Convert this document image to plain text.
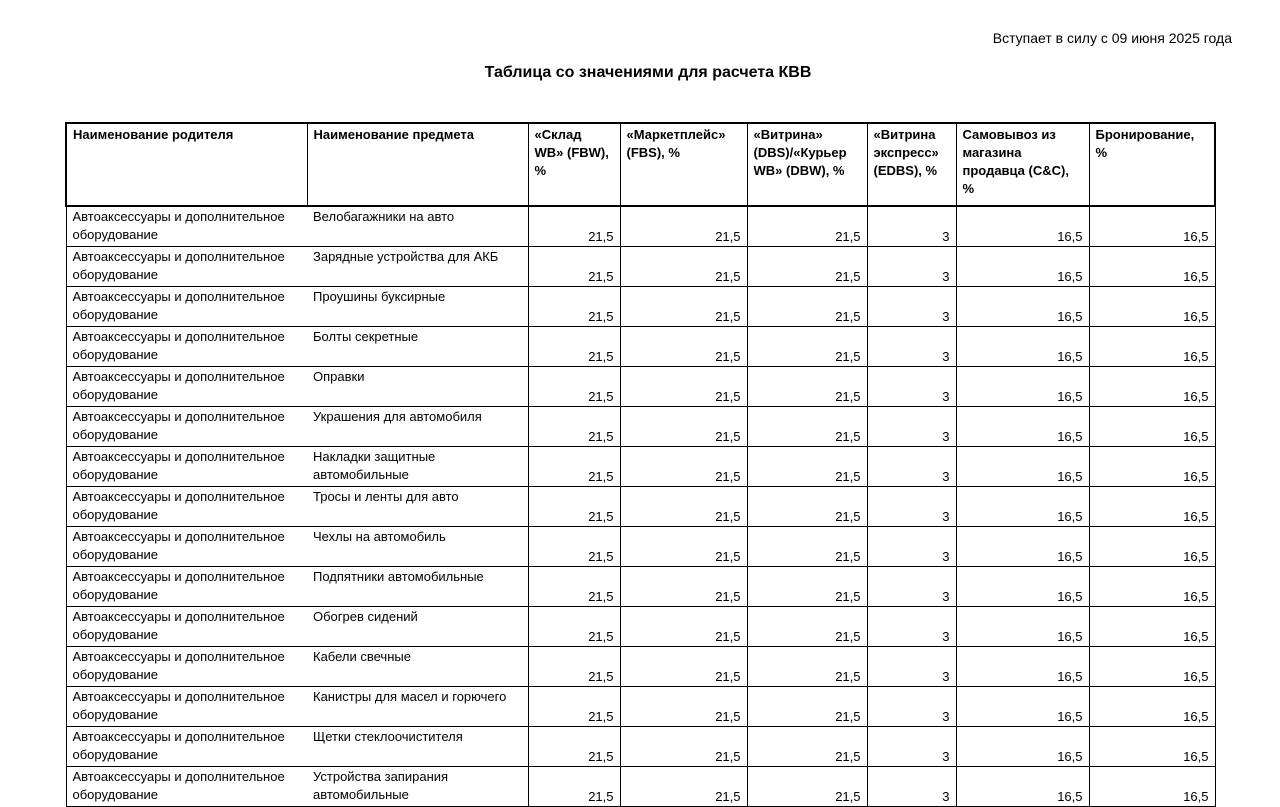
Вступает в силу с 09 июня 2025 года
Таблица со значениями для расчета КВВ
Наименование родителя	Наименование предмета	«Склад WB» (FBW), %	«Маркетплейс» (FBS), %	«Витрина» (DBS)/«Курьер WB» (DBW), %	«Витрина экспресс» (EDBS), %	Самовывоз из магазина продавца (C&C), %	Бронирование, %
Автоаксессуары и дополнительное оборудование	Велобагажники на авто	21,5	21,5	21,5	3	16,5	16,5
Автоаксессуары и дополнительное оборудование	Зарядные устройства для АКБ	21,5	21,5	21,5	3	16,5	16,5
Автоаксессуары и дополнительное оборудование	Проушины буксирные	21,5	21,5	21,5	3	16,5	16,5
Автоаксессуары и дополнительное оборудование	Болты секретные	21,5	21,5	21,5	3	16,5	16,5
Автоаксессуары и дополнительное оборудование	Оправки	21,5	21,5	21,5	3	16,5	16,5
Автоаксессуары и дополнительное оборудование	Украшения для автомобиля	21,5	21,5	21,5	3	16,5	16,5
Автоаксессуары и дополнительное оборудование	Накладки защитные автомобильные	21,5	21,5	21,5	3	16,5	16,5
Автоаксессуары и дополнительное оборудование	Тросы и ленты для авто	21,5	21,5	21,5	3	16,5	16,5
Автоаксессуары и дополнительное оборудование	Чехлы на автомобиль	21,5	21,5	21,5	3	16,5	16,5
Автоаксессуары и дополнительное оборудование	Подпятники автомобильные	21,5	21,5	21,5	3	16,5	16,5
Автоаксессуары и дополнительное оборудование	Обогрев сидений	21,5	21,5	21,5	3	16,5	16,5
Автоаксессуары и дополнительное оборудование	Кабели свечные	21,5	21,5	21,5	3	16,5	16,5
Автоаксессуары и дополнительное оборудование	Канистры для масел и горючего	21,5	21,5	21,5	3	16,5	16,5
Автоаксессуары и дополнительное оборудование	Щетки стеклоочистителя	21,5	21,5	21,5	3	16,5	16,5
Автоаксессуары и дополнительное оборудование	Устройства запирания автомобильные	21,5	21,5	21,5	3	16,5	16,5
